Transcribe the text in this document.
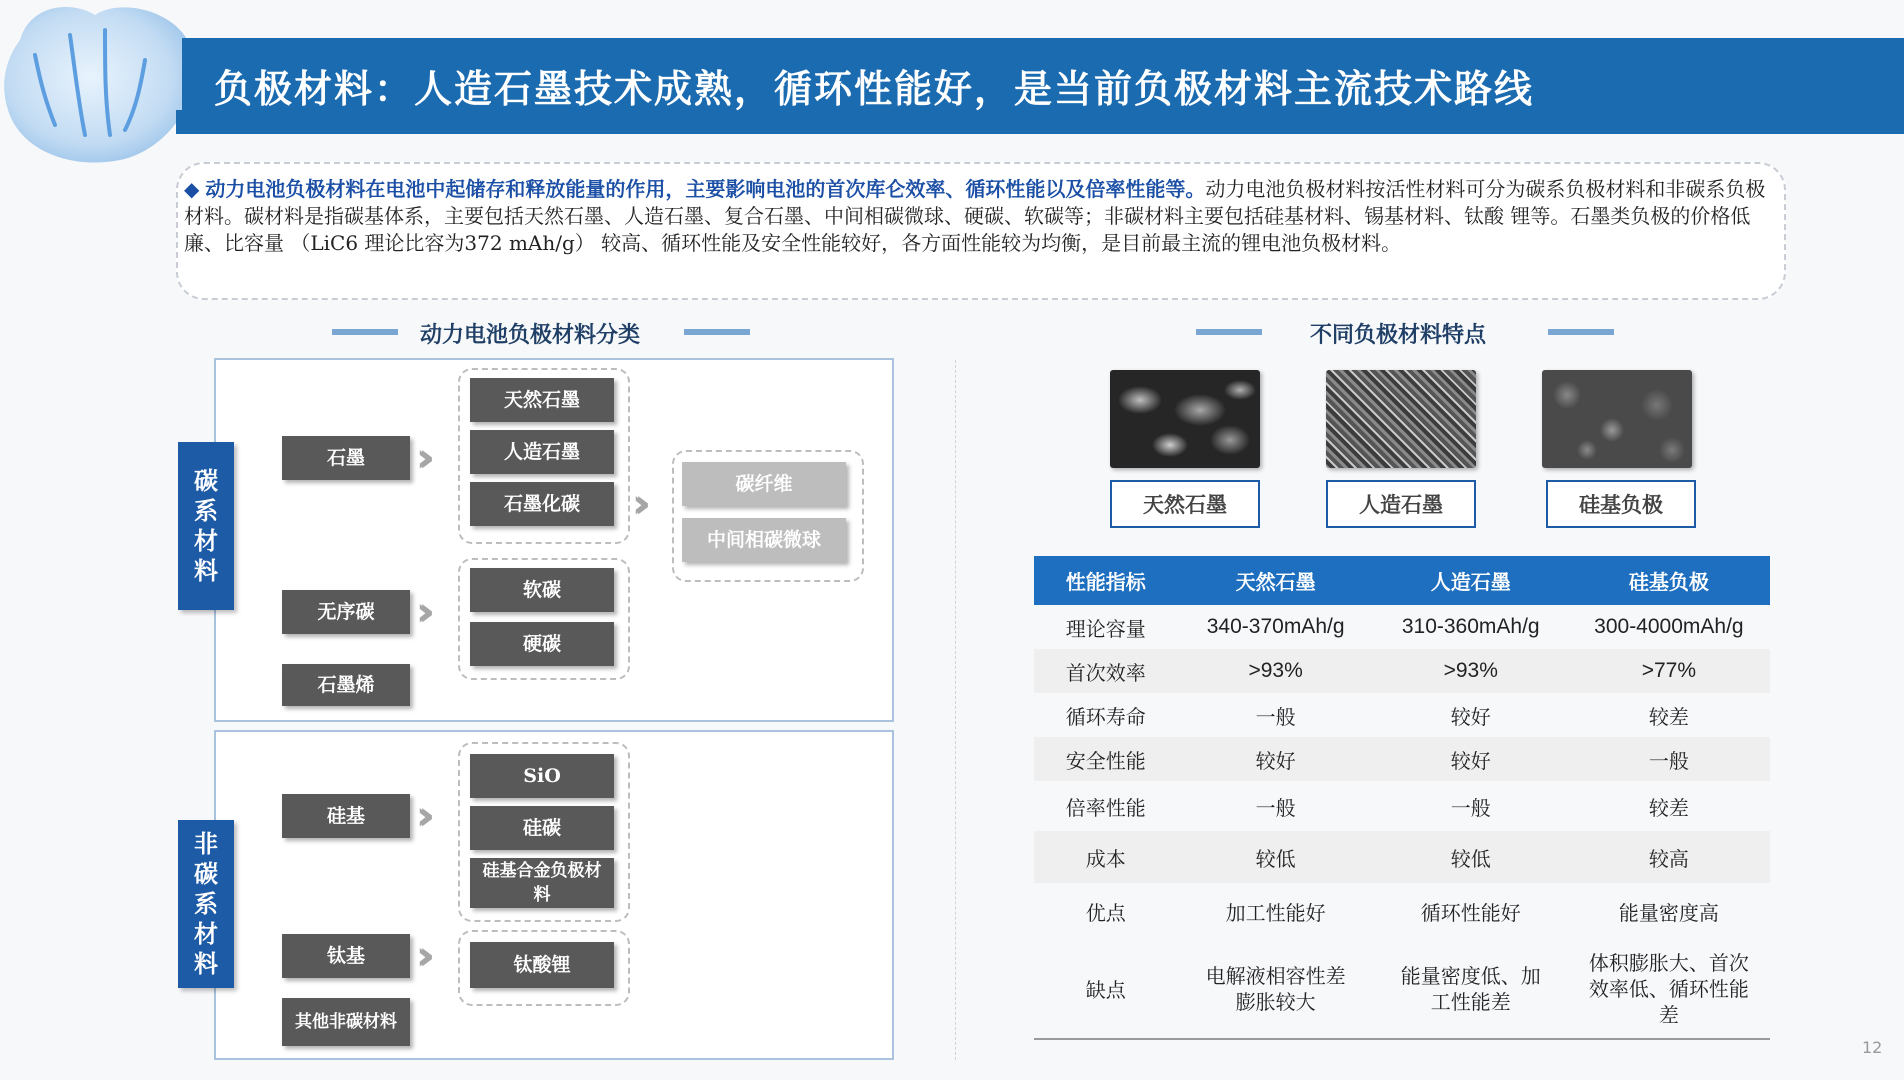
负极材料：人造石墨技术成熟，循环性能好，是当前负极材料主流技术路线
◆ 动力电池负极材料在电池中起储存和释放能量的作用，主要影响电池的首次库仑效率、循环性能以及倍率性能等。动力电池负极材料按活性材料可分为碳系负极材料和非碳系负极材料。碳材料是指碳基体系，主要包括天然石墨、人造石墨、复合石墨、中间相碳微球、硬碳、软碳等；非碳材料主要包括硅基材料、锡基材料、钛酸 锂等。石墨类负极的价格低廉、比容量 （LiC6 理论比容为372 mAh/g） 较高、循环性能及安全性能较好，各方面性能较为均衡，是目前最主流的锂电池负极材料。
动力电池负极材料分类	不同负极材料特点
碳
系
材
料
石墨	››
天然石墨
人造石墨
石墨化碳	››	碳纤维
中间相碳微球
无序碳	››	软碳
硬碳
石墨烯
非
碳
系
材
料
硅基	››
SiO
硅碳
硅基合金负极材料
钛基	››	钛酸锂
其他非碳材料
天然石墨	人造石墨	硅基负极
性能指标	天然石墨	人造石墨	硅基负极
理论容量	340-370mAh/g	310-360mAh/g	300-4000mAh/g
首次效率	>93%	>93%	>77%
循环寿命	一般	较好	较差
安全性能	较好	较好	一般
倍率性能	一般	一般	较差
成本	较低	较低	较高
优点	加工性能好	循环性能好	能量密度高
缺点	电解液相容性差膨胀较大	能量密度低、加工性能差	体积膨胀大、首次效率低、循环性能差
12
